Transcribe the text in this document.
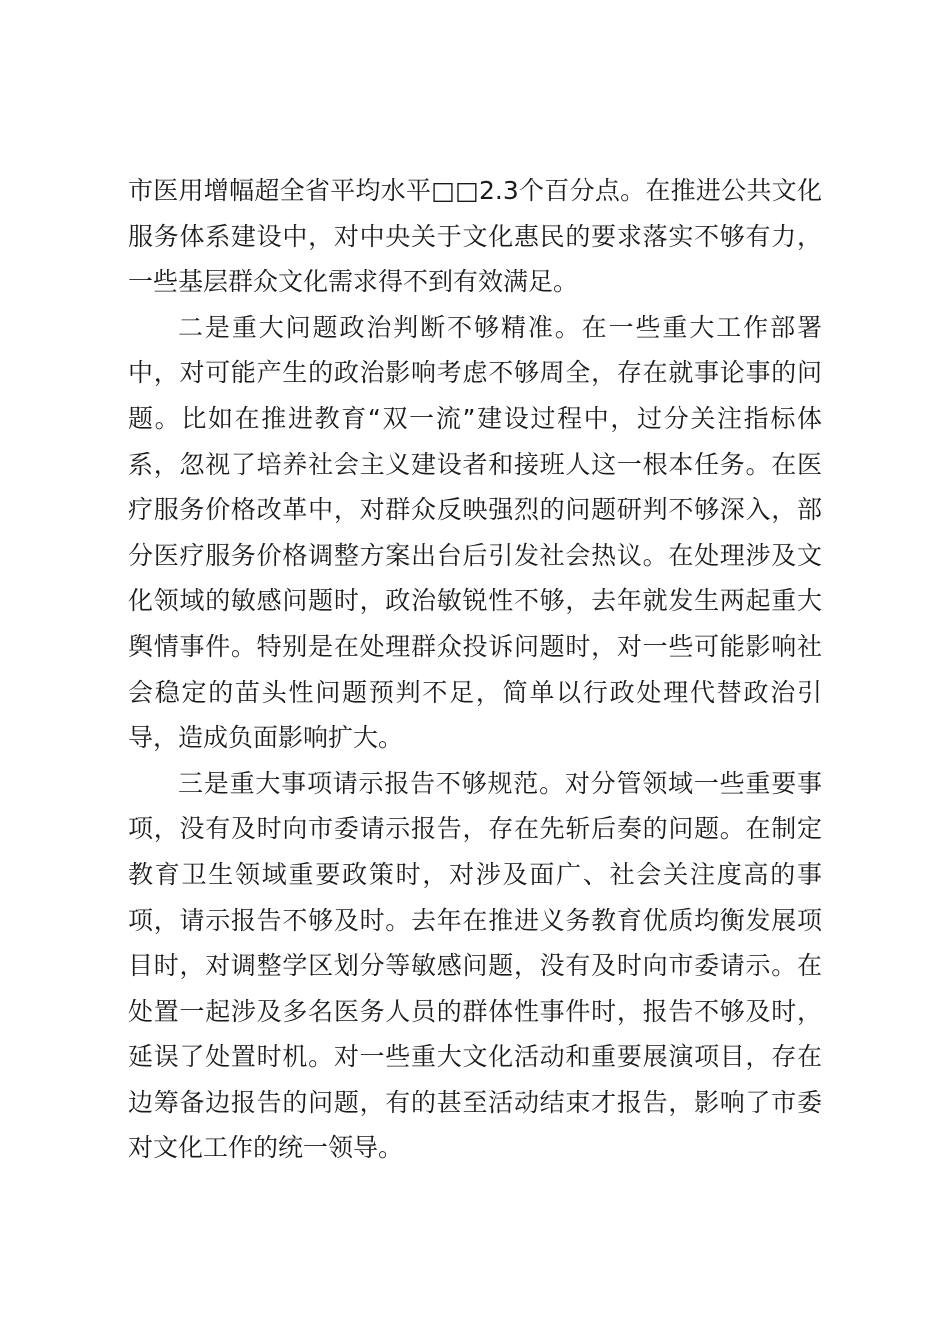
市医用增幅超全省平均水平□□2.3个百分点。在推进公共文化服务体系建设中，对中央关于文化惠民的要求落实不够有力，一些基层群众文化需求得不到有效满足。

二是重大问题政治判断不够精准。在一些重大工作部署中，对可能产生的政治影响考虑不够周全，存在就事论事的问题。比如在推进教育“双一流”建设过程中，过分关注指标体系，忽视了培养社会主义建设者和接班人这一根本任务。在医疗服务价格改革中，对群众反映强烈的问题研判不够深入，部分医疗服务价格调整方案出台后引发社会热议。在处理涉及文化领域的敏感问题时，政治敏锐性不够，去年就发生两起重大舆情事件。特别是在处理群众投诉问题时，对一些可能影响社会稳定的苗头性问题预判不足，简单以行政处理代替政治引导，造成负面影响扩大。

三是重大事项请示报告不够规范。对分管领域一些重要事项，没有及时向市委请示报告，存在先斩后奏的问题。在制定教育卫生领域重要政策时，对涉及面广、社会关注度高的事项，请示报告不够及时。去年在推进义务教育优质均衡发展项目时，对调整学区划分等敏感问题，没有及时向市委请示。在处置一起涉及多名医务人员的群体性事件时，报告不够及时，延误了处置时机。对一些重大文化活动和重要展演项目，存在边筹备边报告的问题，有的甚至活动结束才报告，影响了市委对文化工作的统一领导。
